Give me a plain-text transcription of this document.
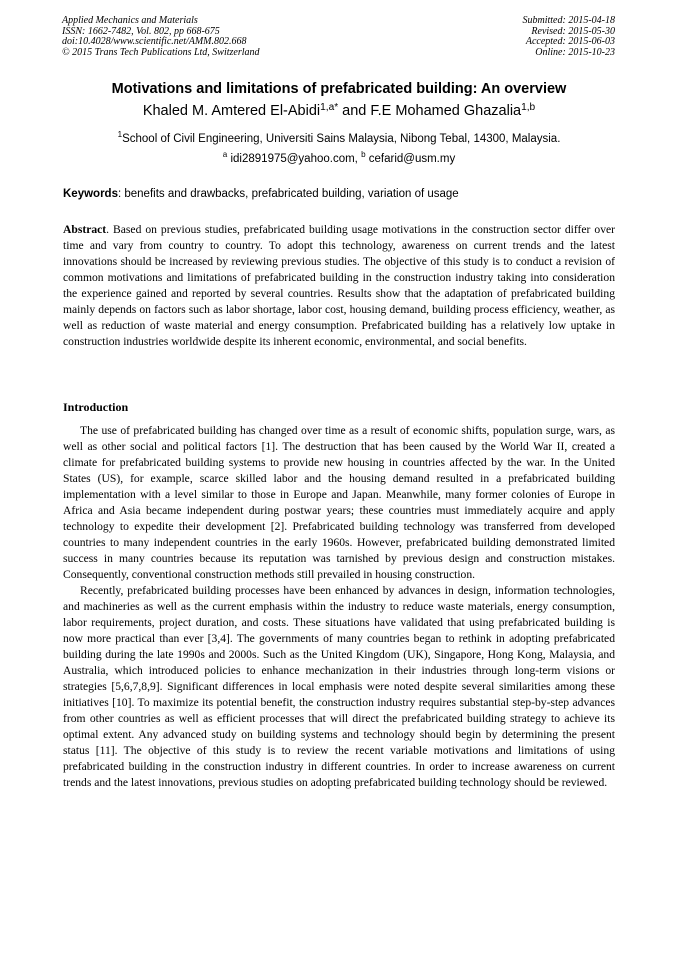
Applied Mechanics and Materials
ISSN: 1662-7482, Vol. 802, pp 668-675
doi:10.4028/www.scientific.net/AMM.802.668
© 2015 Trans Tech Publications Ltd, Switzerland
Submitted: 2015-04-18
Revised: 2015-05-30
Accepted: 2015-06-03
Online: 2015-10-23
Motivations and limitations of prefabricated building: An overview
Khaled M. Amtered El-Abidi$^{1,a*}$ and F.E Mohamed Ghazalia$^{1,b}$
$^1$School of Civil Engineering, Universiti Sains Malaysia, Nibong Tebal, 14300, Malaysia.
$^a$ idi2891975@yahoo.com, $^b$ cefarid@usm.my
Keywords: benefits and drawbacks, prefabricated building, variation of usage
Abstract. Based on previous studies, prefabricated building usage motivations in the construction sector differ over time and vary from country to country. To adopt this technology, awareness on current trends and the latest innovations should be increased by reviewing previous studies. The objective of this study is to conduct a revision of common motivations and limitations of prefabricated building in the construction industry taking into consideration the experience gained and reported by several countries. Results show that the adaptation of prefabricated building mainly depends on factors such as labor shortage, labor cost, housing demand, building process efficiency, weather, as well as reduction of waste material and energy consumption. Prefabricated building has a relatively low uptake in construction industries worldwide despite its inherent economic, environmental, and social benefits.
Introduction

The use of prefabricated building has changed over time as a result of economic shifts, population surge, wars, as well as other social and political factors [1]. The destruction that has been caused by the World War II, created a climate for prefabricated building systems to provide new housing in countries affected by the war. In the United States (US), for example, scarce skilled labor and the housing demand resulted in a prefabricated building implementation with a level similar to those in Europe and Japan. Meanwhile, many former colonies of Europe in Africa and Asia became independent during postwar years; these countries must immediately acquire and apply technology to expedite their development [2]. Prefabricated building technology was transferred from developed countries to many independent countries in the early 1960s. However, prefabricated building demonstrated limited success in many countries because its reputation was tarnished by previous design and construction mistakes. Consequently, conventional construction methods still prevailed in housing construction.

Recently, prefabricated building processes have been enhanced by advances in design, information technologies, and machineries as well as the current emphasis within the industry to reduce waste materials, energy consumption, labor requirements, project duration, and costs. These situations have validated that using prefabricated building is now more practical than ever [3,4]. The governments of many countries began to rethink in adopting prefabricated building during the late 1990s and 2000s. Such as the United Kingdom (UK), Singapore, Hong Kong, Malaysia, and Australia, which introduced policies to enhance mechanization in their industries through long-term visions or strategies [5,6,7,8,9]. Significant differences in local emphasis were noted despite several similarities among these initiatives [10]. To maximize its potential benefit, the construction industry requires substantial step-by-step advances from other countries as well as efficient processes that will direct the prefabricated building strategy to achieve its optimal extent. Any advanced study on building systems and technology should begin by determining the present status [11]. The objective of this study is to review the recent variable motivations and limitations of using prefabricated building in the construction industry in different countries. In order to increase awareness on current trends and the latest innovations, previous studies on adopting prefabricated building technology should be reviewed.
